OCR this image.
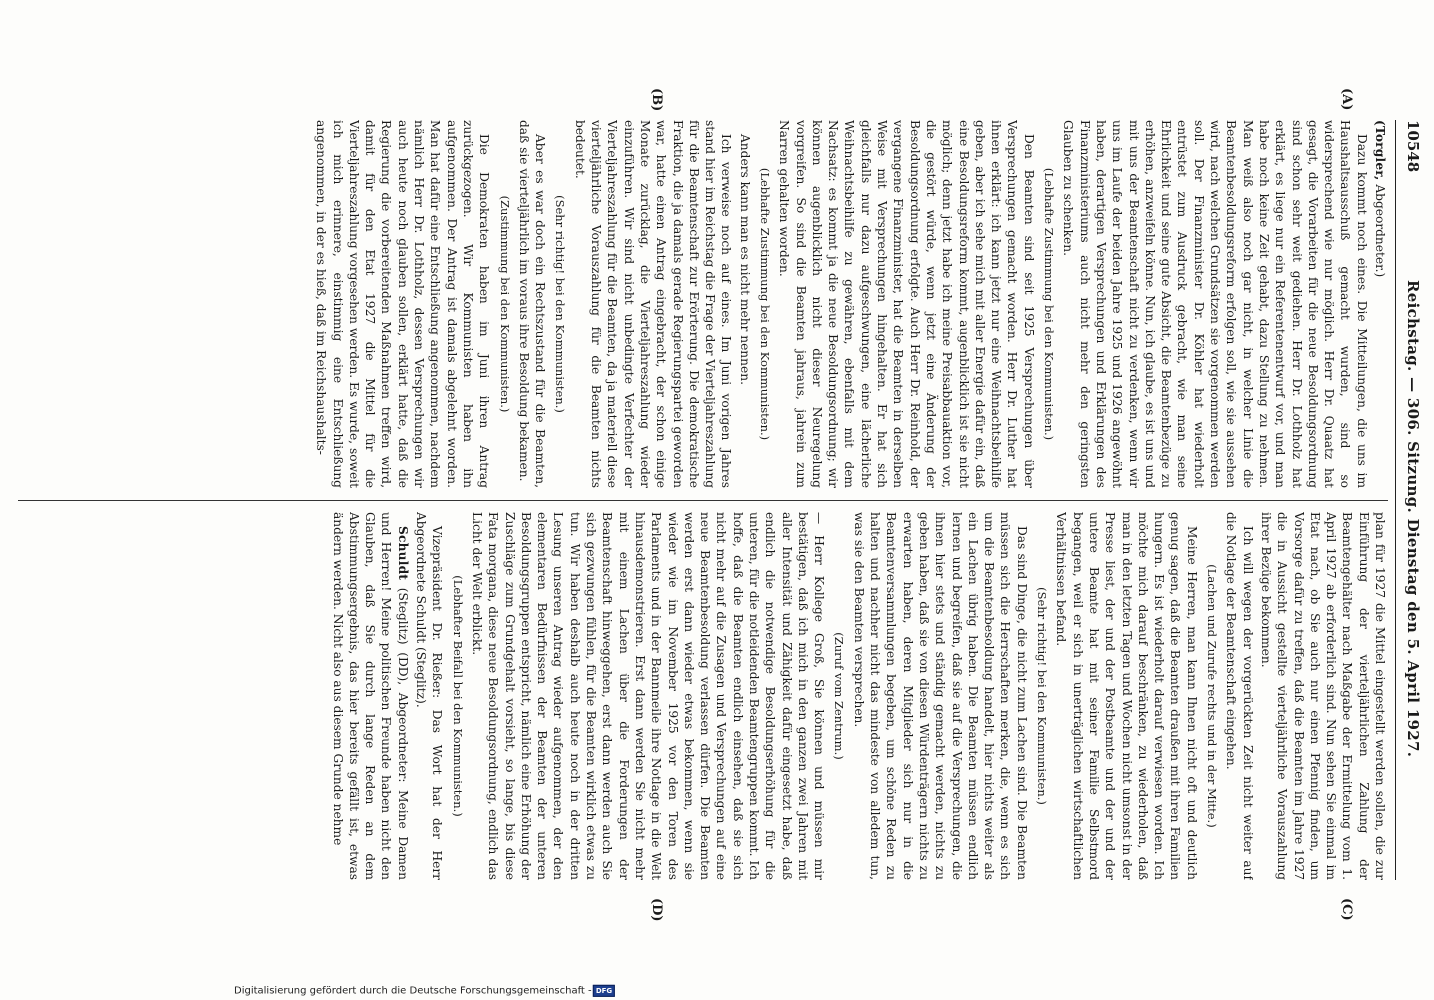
10548
Reichstag. — 306. Sitzung. Dienstag den 5. April 1927.
(A)
(B)
(C)
(D)

(Torgler, Abgeordneter.)

Dazu kommt noch eines. Die Mitteilungen, die uns im Haushaltsausschuß gemacht wurden, sind so widersprechend wie nur möglich. Herr Dr. Quaatz hat gesagt, die Vorarbeiten für die neue Besoldungsordnung sind schon sehr weit gediehen. Herr Dr. Lothholz hat erklärt, es liege nur ein Referentenentwurf vor, und man habe noch keine Zeit gehabt, dazu Stellung zu nehmen. Man weiß also noch gar nicht, in welcher Linie die Beamtenbesoldungsreform erfolgen soll, wie sie aussehen wird, nach welchen Grundsätzen sie vorgenommen werden soll. Der Finanzminister Dr. Köhler hat wiederholt entrüstet zum Ausdruck gebracht, wie man seine Ehrlichkeit und seine gute Absicht, die Beamtenbezüge zu erhöhen, anzweifeln könne. Nun, ich glaube, es ist uns und mit uns der Beamtenschaft nicht zu verdenken, wenn wir uns im Laufe der beiden Jahre 1925 und 1926 angewöhnt haben, derartigen Versprechungen und Erklärungen des Finanzministeriums auch nicht mehr den geringsten Glauben zu schenken.

(Lebhafte Zustimmung bei den Kommunisten.)

Den Beamten sind seit 1925 Versprechungen über Versprechungen gemacht worden. Herr Dr. Luther hat ihnen erklärt: ich kann jetzt nur eine Weihnachtsbeihilfe geben, aber ich sehe mich mit aller Energie dafür ein, daß eine Besoldungsreform kommt, augenblicklich ist sie nicht möglich; denn jetzt habe ich meine Preisabbauaktion vor, die gestört würde, wenn jetzt eine Änderung der Besoldungsordnung erfolgte. Auch Herr Dr. Reinhold, der vergangene Finanzminister, hat die Beamten in derselben Weise mit Versprechungen hingehalten. Er hat sich gleichfalls nur dazu aufgeschwungen, eine lächerliche Weihnachtsbeihilfe zu gewähren, ebenfalls mit dem Nachsatz: es kommt ja die neue Besoldungsordnung; wir können augenblicklich nicht dieser Neuregelung vorgreifen. So sind die Beamten jahraus, jahrein zum Narren gehalten worden.

(Lebhafte Zustimmung bei den Kommunisten.)

Anders kann man es nicht mehr nennen.

Ich verweise noch auf eines. Im Juni vorigen Jahres stand hier im Reichstag die Frage der Vierteljahreszahlung für die Beamtenschaft zur Erörterung. Die demokratische Fraktion, die ja damals gerade Regierungspartei geworden war, hatte einen Antrag eingebracht, der schon einige Monate zurücklag, die Vierteljahreszahlung wieder einzuführen. Wir sind nicht unbedingte Verfechter der Vierteljahreszahlung für die Beamten, da ja materiell diese vierteljährliche Vorauszahlung für die Beamten nichts bedeutet.

(Sehr richtig! bei den Kommunisten.)

Aber es war doch ein Rechtszustand für die Beamten, daß sie vierteljährlich im voraus ihre Besoldung bekamen.

(Zustimmung bei den Kommunisten.)

Die Demokraten haben im Juni ihren Antrag zurückgezogen. Wir Kommunisten haben ihn aufgenommen. Der Antrag ist damals abgelehnt worden. Man hat dafür eine Entschließung angenommen, nachdem nämlich Herr Dr. Lothholz, dessen Versprechungen wir auch heute noch glauben sollen, erklärt hatte, daß die Regierung die vorbereitenden Maßnahmen treffen wird, damit für den Etat 1927 die Mittel für die Vierteljahreszahlung vorgesehen werden. Es wurde, soweit ich mich erinnere, einstimmig eine Entschließung angenommen, in der es hieß, daß im Reichshaushalts-

plan für 1927 die Mittel eingestellt werden sollen, die zur Einführung der vierteljährlichen Zahlung der Beamtengehälter nach Maßgabe der Ermittelung vom 1. April 1927 ab erforderlich sind. Nun sehen Sie einmal im Etat nach, ob Sie auch nur einen Pfennig finden, um Vorsorge dafür zu treffen, daß die Beamten im Jahre 1927 die in Aussicht gestellte vierteljährliche Vorauszahlung ihrer Bezüge bekommen.

Ich will wegen der vorgerückten Zeit nicht weiter auf die Notlage der Beamtenschaft eingehen.

(Lachen und Zurufe rechts und in der Mitte.)

Meine Herren, man kann Ihnen nicht oft und deutlich genug sagen, daß die Beamten draußen mit ihren Familien hungern. Es ist wiederholt darauf verwiesen worden. Ich möchte mich darauf beschränken, zu wiederholen, daß man in den letzten Tagen und Wochen nicht umsonst in der Presse liest, der und der Postbeamte und der und der untere Beamte hat mit seiner Familie Selbstmord begangen, weil er sich in unerträglichen wirtschaftlichen Verhältnissen befand.

(Sehr richtig! bei den Kommunisten.)

Das sind Dinge, die nicht zum Lachen sind. Die Beamten müssen sich die Herrschaften merken, die, wenn es sich um die Beamtenbesoldung handelt, hier nichts weiter als ein Lachen übrig haben. Die Beamten müssen endlich lernen und begreifen, daß sie auf die Versprechungen, die ihnen hier stets und ständig gemacht werden, nichts zu geben haben, daß sie von diesen Würdenträgern nichts zu erwarten haben, deren Mitglieder sich nur in die Beamtenversammlungen begeben, um schöne Reden zu halten und nachher nicht das mindeste von alledem tun, was sie den Beamten versprechen.

(Zuruf vom Zentrum.)

— Herr Kollege Groß, Sie können und müssen mir bestätigen, daß ich mich in den ganzen zwei Jahren mit aller Intensität und Zähigkeit dafür eingesetzt habe, daß endlich die notwendige Besoldungserhöhung für die unteren, für die notleidenden Beamtengruppen kommt. Ich hoffe, daß die Beamten endlich einsehen, daß sie sich nicht mehr auf die Zusagen und Versprechungen auf eine neue Beamtenbesoldung verlassen dürfen. Die Beamten werden erst dann wieder etwas bekommen, wenn sie wieder wie im November 1925 vor den Toren des Parlaments und in der Bannmeile ihre Notlage in die Welt hinausdemonstrieren. Erst dann werden Sie nicht mehr mit einem Lachen über die Forderungen der Beamtenschaft hinweggehen, erst dann werden auch Sie sich gezwungen fühlen, für die Beamten wirklich etwas zu tun. Wir haben deshalb auch heute noch in der dritten Lesung unseren Antrag wieder aufgenommen, der den elementaren Bedürfnissen der Beamten der unteren Besoldungsgruppen entspricht, nämlich eine Erhöhung der Zuschläge zum Grundgehalt vorsieht, so lange, bis diese Fata morgana, diese neue Besoldungsordnung, endlich das Licht der Welt erblickt.

(Lebhafter Beifall bei den Kommunisten.)

Vizepräsident Dr. Rießer: Das Wort hat der Herr Abgeordnete Schuldt (Steglitz).

Schuldt (Steglitz) (DD), Abgeordneter: Meine Damen und Herren! Meine politischen Freunde haben nicht den Glauben, daß Sie durch lange Reden an dem Abstimmungsergebnis, das hier bereits gefällt ist, etwas ändern werden. Nicht also aus diesem Grunde nehme

Digitalisierung gefördert durch die Deutsche Forschungsgemeinschaft - DFG
